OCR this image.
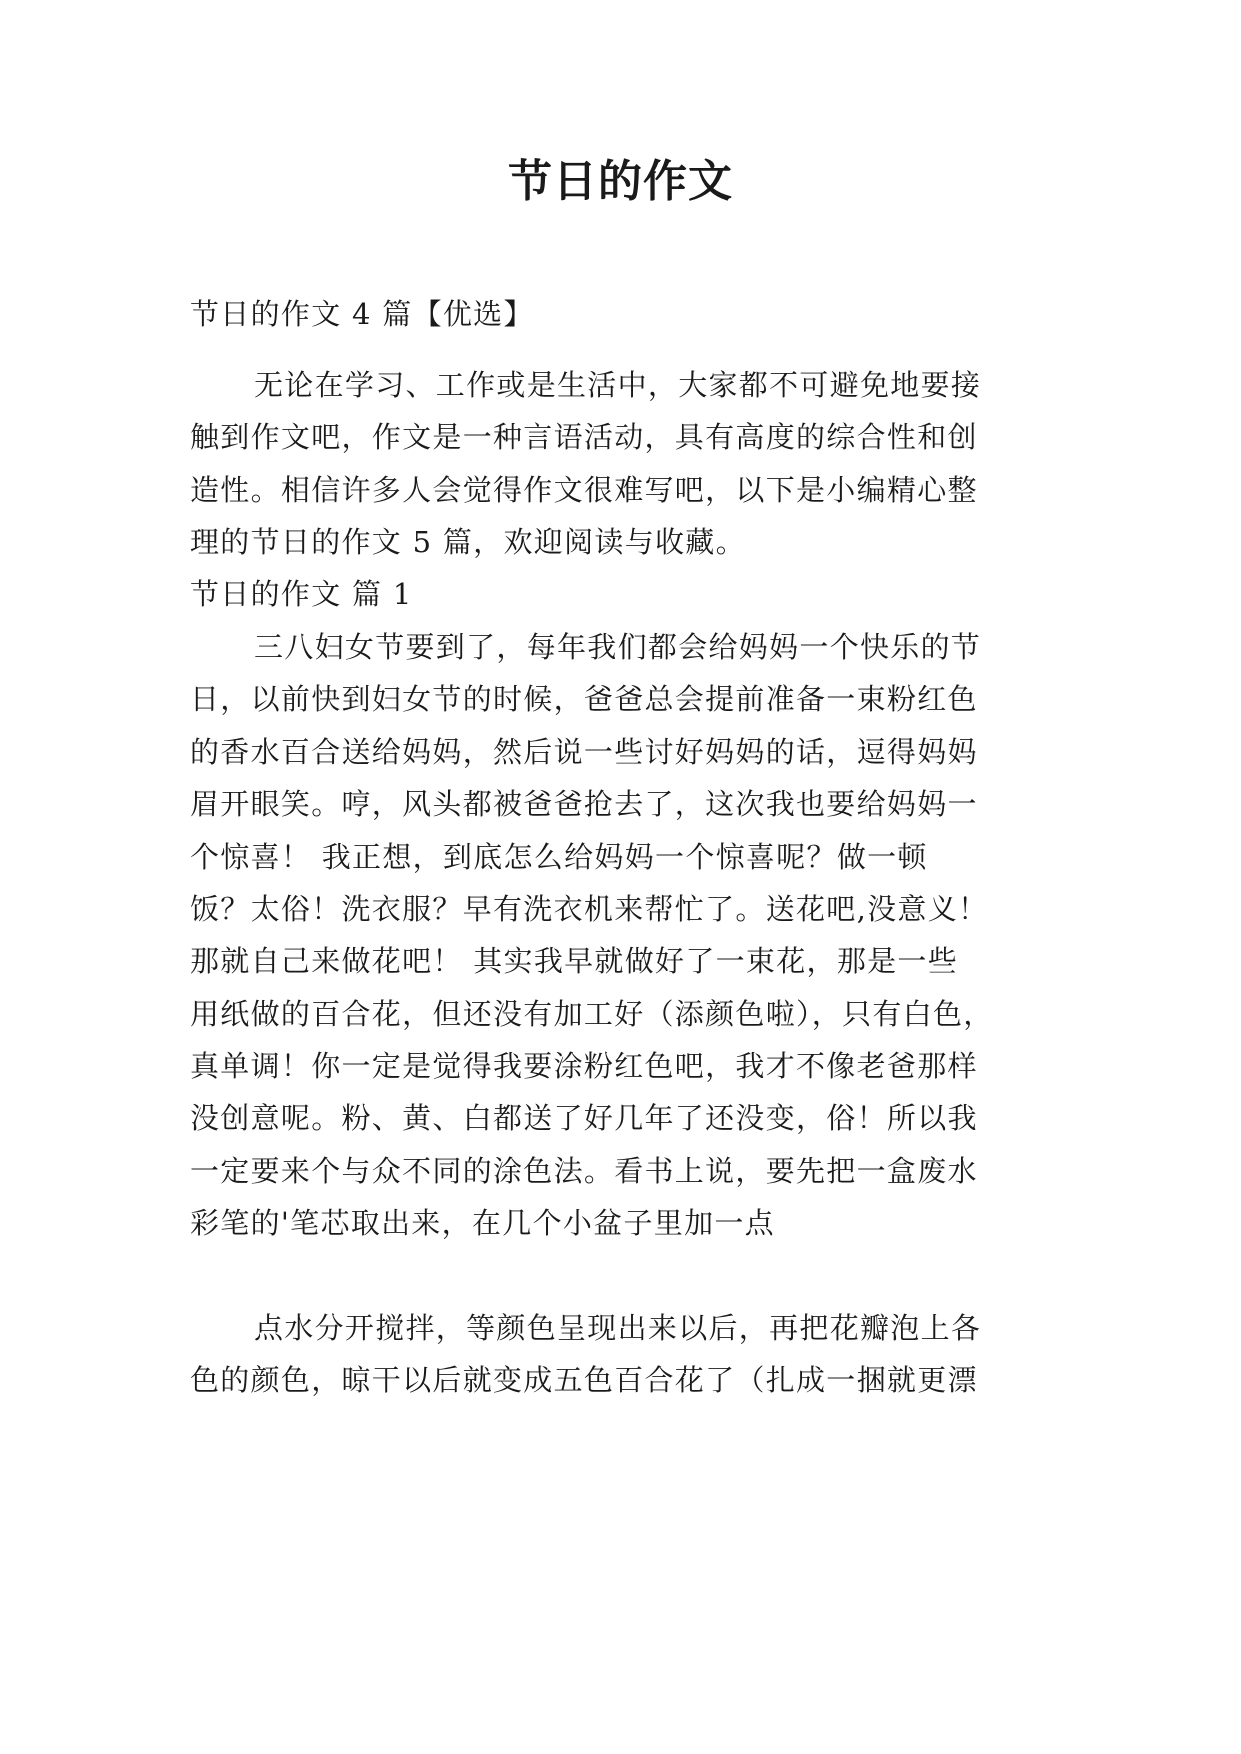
节日的作文
节日的作文 4 篇【优选】
无论在学习、工作或是生活中，大家都不可避免地要接
触到作文吧，作文是一种言语活动，具有高度的综合性和创
造性。相信许多人会觉得作文很难写吧，以下是小编精心整
理的节日的作文 5 篇，欢迎阅读与收藏。
节日的作文 篇 1
三八妇女节要到了，每年我们都会给妈妈一个快乐的节
日，以前快到妇女节的时候，爸爸总会提前准备一束粉红色
的香水百合送给妈妈，然后说一些讨好妈妈的话，逗得妈妈
眉开眼笑。哼，风头都被爸爸抢去了，这次我也要给妈妈一
个惊喜！ 我正想，到底怎么给妈妈一个惊喜呢？做一顿
饭？太俗！洗衣服？早有洗衣机来帮忙了。送花吧,没意义！
那就自己来做花吧！ 其实我早就做好了一束花，那是一些
用纸做的百合花，但还没有加工好（添颜色啦），只有白色，
真单调！你一定是觉得我要涂粉红色吧，我才不像老爸那样
没创意呢。粉、黄、白都送了好几年了还没变，俗！所以我
一定要来个与众不同的涂色法。看书上说，要先把一盒废水
彩笔的'笔芯取出来，在几个小盆子里加一点
点水分开搅拌，等颜色呈现出来以后，再把花瓣泡上各
色的颜色，晾干以后就变成五色百合花了（扎成一捆就更漂
